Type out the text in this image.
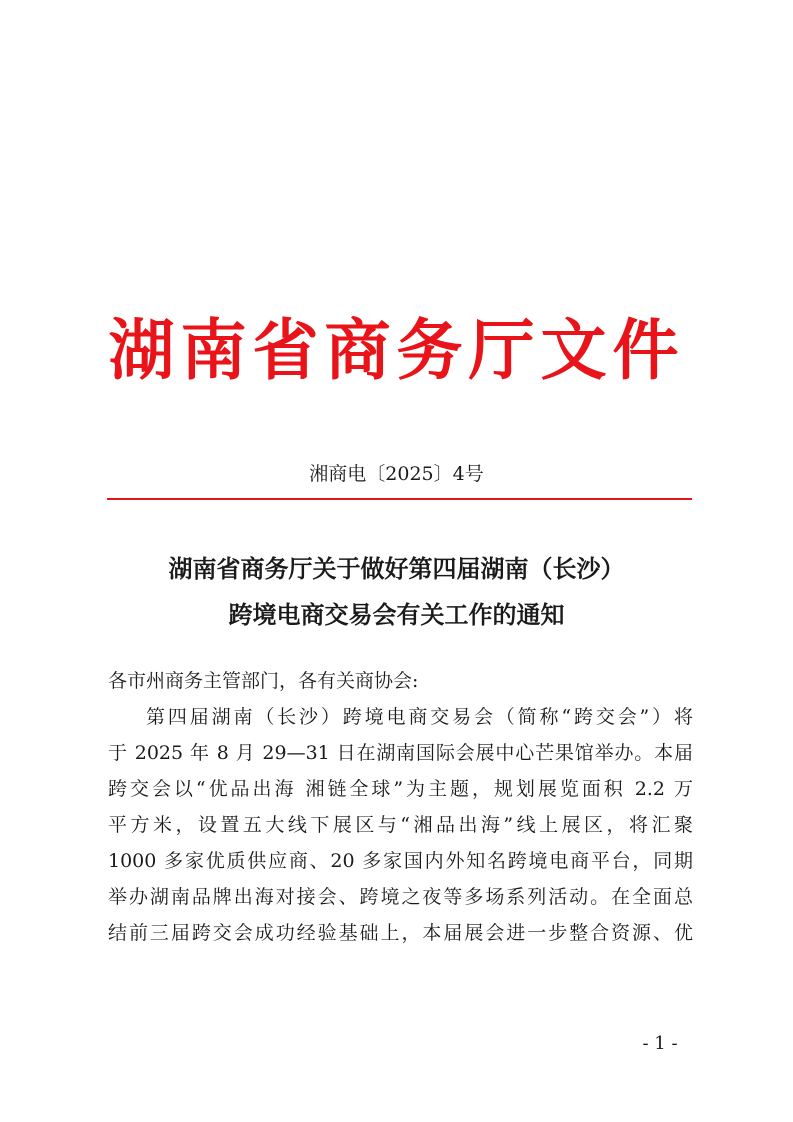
湖南省商务厅文件
湘商电〔2025〕4号
湖南省商务厅关于做好第四届湖南（长沙）
跨境电商交易会有关工作的通知
各市州商务主管部门，各有关商协会:
第四届湖南（长沙）跨境电商交易会（简称“跨交会”）将
于 2025 年 8 月 29—31 日在湖南国际会展中心芒果馆举办。本届
跨交会以“优品出海 湘链全球”为主题，规划展览面积 2.2 万
平方米，设置五大线下展区与“湘品出海”线上展区，将汇聚
1000 多家优质供应商、20 多家国内外知名跨境电商平台，同期
举办湖南品牌出海对接会、跨境之夜等多场系列活动。在全面总
结前三届跨交会成功经验基础上，本届展会进一步整合资源、优
- 1 -
